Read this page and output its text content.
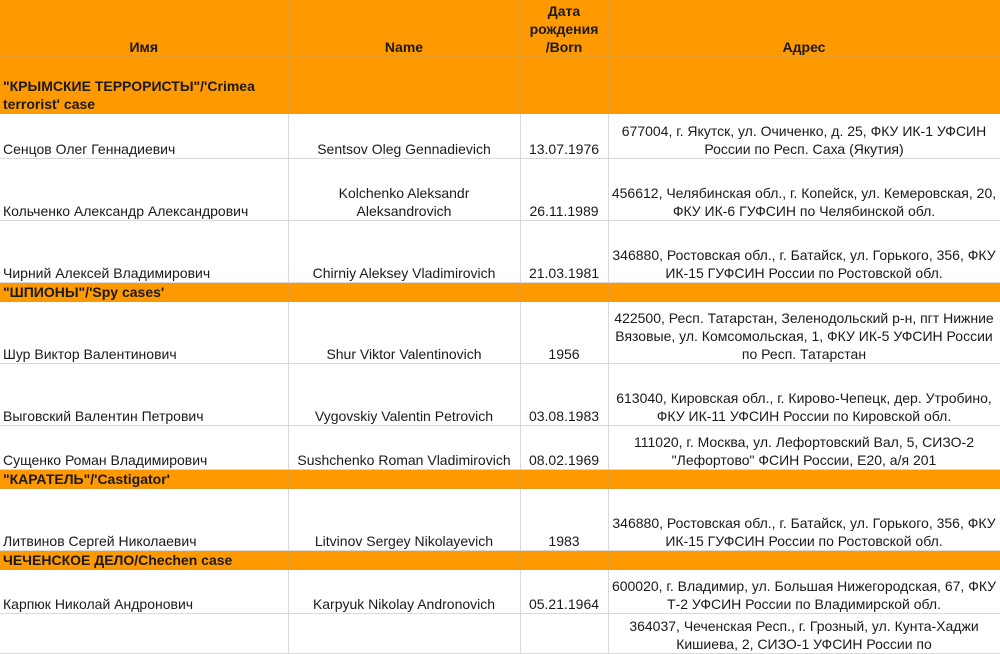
Имя	Name	Дата рождения /Born	Адрес
"КРЫМСКИЕ ТЕРРОРИСТЫ"/'Crimea terrorist' case			
Сенцов Олег Геннадиевич	Sentsov Oleg Gennadievich	13.07.1976	677004, г. Якутск, ул. Очиченко, д. 25, ФКУ ИК-1 УФСИН России по Респ. Саха (Якутия)
Кольченко Александр Александрович	Kolchenko Aleksandr Aleksandrovich	26.11.1989	456612, Челябинская обл., г. Копейск, ул. Кемеровская, 20, ФКУ ИК-6 ГУФСИН по Челябинской обл.
Чирний Алексей Владимирович	Chirniy Aleksey Vladimirovich	21.03.1981	346880, Ростовская обл., г. Батайск, ул. Горького, 356, ФКУ ИК-15 ГУФСИН России по Ростовской обл.
"ШПИОНЫ"/'Spy cases'			
Шур Виктор Валентинович	Shur Viktor Valentinovich	1956	422500, Респ. Татарстан, Зеленодольский р-н, пгт Нижние Вязовые, ул. Комсомольская, 1, ФКУ ИК-5 УФСИН России по Респ. Татарстан
Выговский Валентин Петрович	Vygovskiy Valentin Petrovich	03.08.1983	613040, Кировская обл., г. Кирово-Чепецк, дер. Утробино, ФКУ ИК-11 УФСИН России по Кировской обл.
Сущенко Роман Владимирович	Sushchenko Roman Vladimirovich	08.02.1969	111020, г. Москва, ул. Лефортовский Вал, 5, СИЗО-2 "Лефортово" ФСИН России, Е20, а/я 201
"КАРАТЕЛЬ"/'Castigator'			
Литвинов Сергей Николаевич	Litvinov Sergey Nikolayevich	1983	346880, Ростовская обл., г. Батайск, ул. Горького, 356, ФКУ ИК-15 ГУФСИН России по Ростовской обл.
ЧЕЧЕНСКОЕ ДЕЛО/Chechen case			
Карпюк Николай Андронович	Karpyuk Nikolay Andronovich	05.21.1964	600020, г. Владимир, ул. Большая Нижегородская, 67, ФКУ Т-2 УФСИН России по Владимирской обл.
			364037, Чеченская Респ., г. Грозный, ул. Кунта-Хаджи Кишиева, 2, СИЗО-1 УФСИН России по
